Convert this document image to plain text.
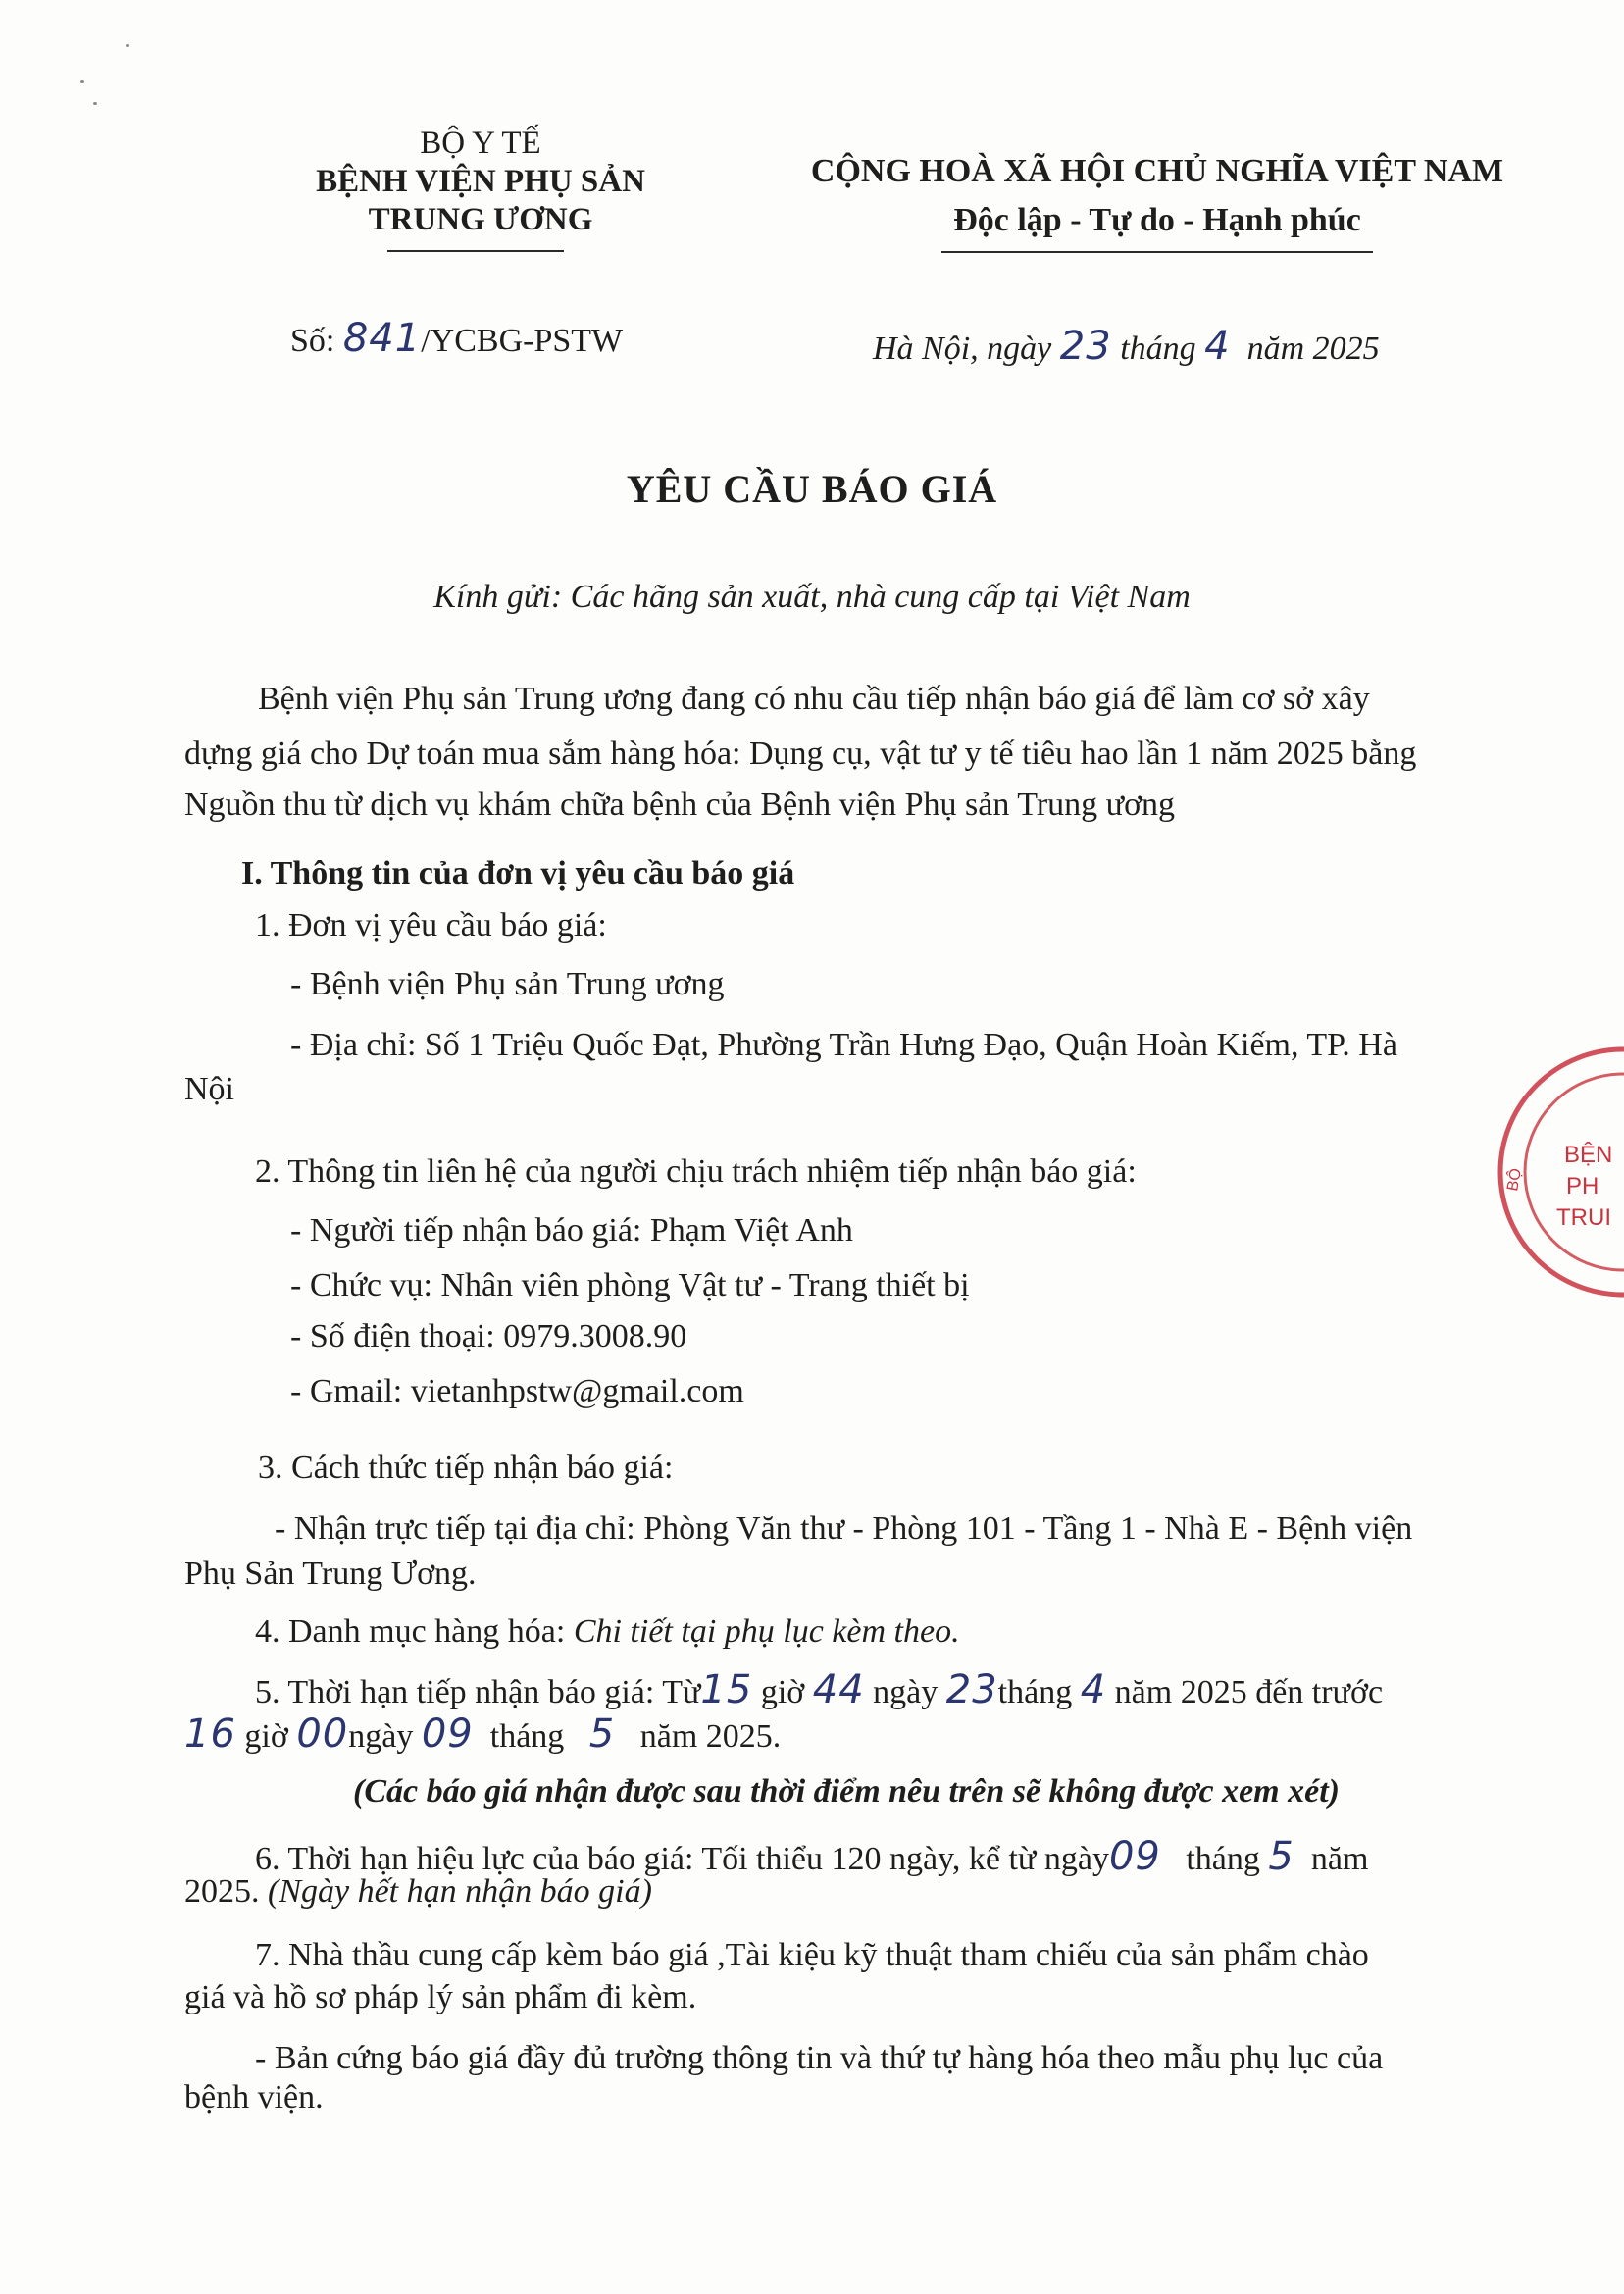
BỘ Y TẾ
BỆNH VIỆN PHỤ SẢN
TRUNG ƯƠNG
CỘNG HOÀ XÃ HỘI CHỦ NGHĨA VIỆT NAM
Độc lập - Tự do - Hạnh phúc
Số: 841/YCBG-PSTW	Hà Nội, ngày 23 tháng 4 năm 2025
YÊU CẦU BÁO GIÁ
Kính gửi: Các hãng sản xuất, nhà cung cấp tại Việt Nam
Bệnh viện Phụ sản Trung ương đang có nhu cầu tiếp nhận báo giá để làm cơ sở xây
dựng giá cho Dự toán mua sắm hàng hóa: Dụng cụ, vật tư y tế tiêu hao lần 1 năm 2025 bằng
Nguồn thu từ dịch vụ khám chữa bệnh của Bệnh viện Phụ sản Trung ương
I. Thông tin của đơn vị yêu cầu báo giá
1. Đơn vị yêu cầu báo giá:
- Bệnh viện Phụ sản Trung ương
- Địa chỉ: Số 1 Triệu Quốc Đạt, Phường Trần Hưng Đạo, Quận Hoàn Kiếm, TP. Hà
Nội
2. Thông tin liên hệ của người chịu trách nhiệm tiếp nhận báo giá:
- Người tiếp nhận báo giá: Phạm Việt Anh
- Chức vụ: Nhân viên phòng Vật tư - Trang thiết bị
- Số điện thoại: 0979.3008.90
- Gmail: vietanhpstw@gmail.com
3. Cách thức tiếp nhận báo giá:
- Nhận trực tiếp tại địa chỉ: Phòng Văn thư - Phòng 101 - Tầng 1 - Nhà E - Bệnh viện
Phụ Sản Trung Ương.
4. Danh mục hàng hóa: Chi tiết tại phụ lục kèm theo.
5. Thời hạn tiếp nhận báo giá: Từ15 giờ 44 ngày 23tháng 4 năm 2025 đến trước
16 giờ 00ngày 09 tháng 5 năm 2025.
(Các báo giá nhận được sau thời điểm nêu trên sẽ không được xem xét)
6. Thời hạn hiệu lực của báo giá: Tối thiểu 120 ngày, kể từ ngày09 tháng 5 năm
2025. (Ngày hết hạn nhận báo giá)
7. Nhà thầu cung cấp kèm báo giá ,Tài kiệu kỹ thuật tham chiếu của sản phẩm chào
giá và hồ sơ pháp lý sản phẩm đi kèm.
- Bản cứng báo giá đầy đủ trường thông tin và thứ tự hàng hóa theo mẫu phụ lục của
bệnh viện.
BỆN
PH
TRUI
BỘ
